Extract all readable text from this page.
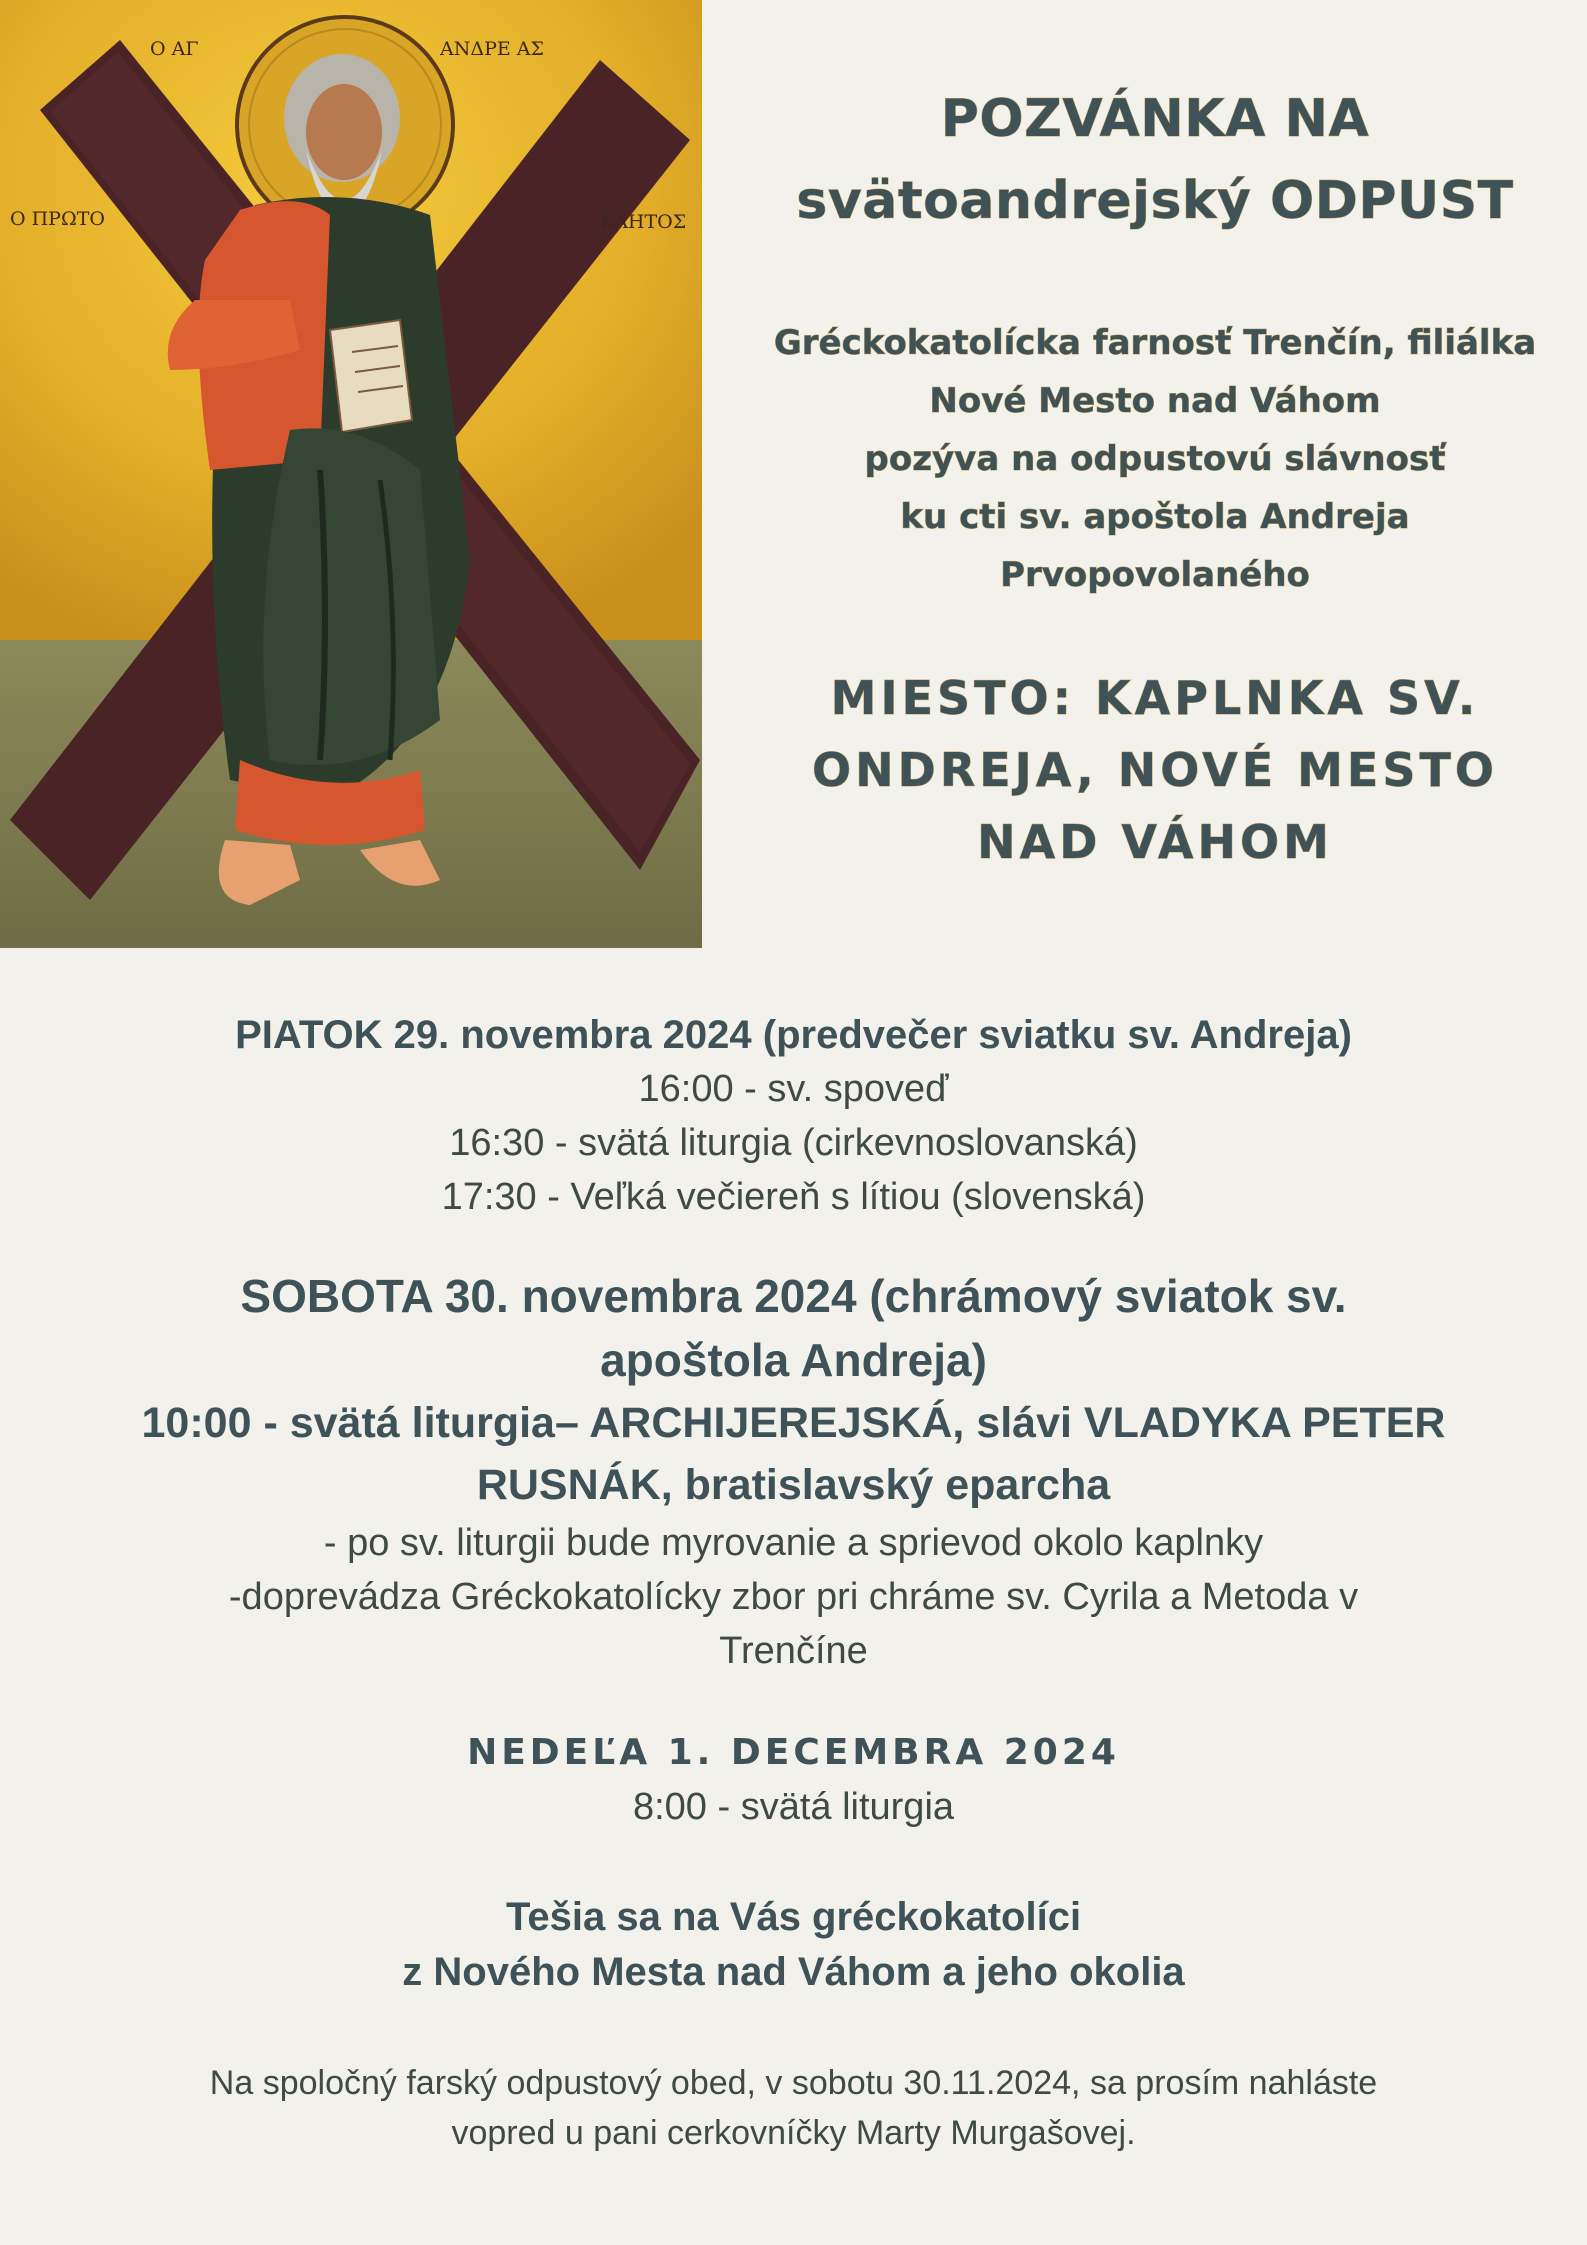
Ο ΑΓ	ΑΝΔΡΕ ΑΣ
Ο ΠΡΩΤΟ	ΚΛΗΤΟΣ
POZVÁNKA NA
svätoandrejský ODPUST
Gréckokatolícka farnosť Trenčín, filiálka
Nové Mesto nad Váhom
pozýva na odpustovú slávnosť
ku cti sv. apoštola Andreja
Prvopovolaného
MIESTO: KAPLNKA SV.
ONDREJA, NOVÉ MESTO
NAD VÁHOM
PIATOK 29. novembra 2024 (predvečer sviatku sv. Andreja)
16:00 - sv. spoveď
16:30 - svätá liturgia (cirkevnoslovanská)
17:30 - Veľká večiereň s lítiou (slovenská)
SOBOTA 30. novembra 2024 (chrámový sviatok sv.
apoštola Andreja)
10:00 - svätá liturgia– ARCHIJEREJSKÁ, slávi VLADYKA PETER
RUSNÁK, bratislavský eparcha
- po sv. liturgii bude myrovanie a sprievod okolo kaplnky
-doprevádza Gréckokatolícky zbor pri chráme sv. Cyrila a Metoda v
Trenčíne
NEDEĽA 1. DECEMBRA 2024
8:00 - svätá liturgia
Tešia sa na Vás gréckokatolíci
z Nového Mesta nad Váhom a jeho okolia
Na spoločný farský odpustový obed, v sobotu 30.11.2024, sa prosím nahláste
vopred u pani cerkovníčky Marty Murgašovej.
